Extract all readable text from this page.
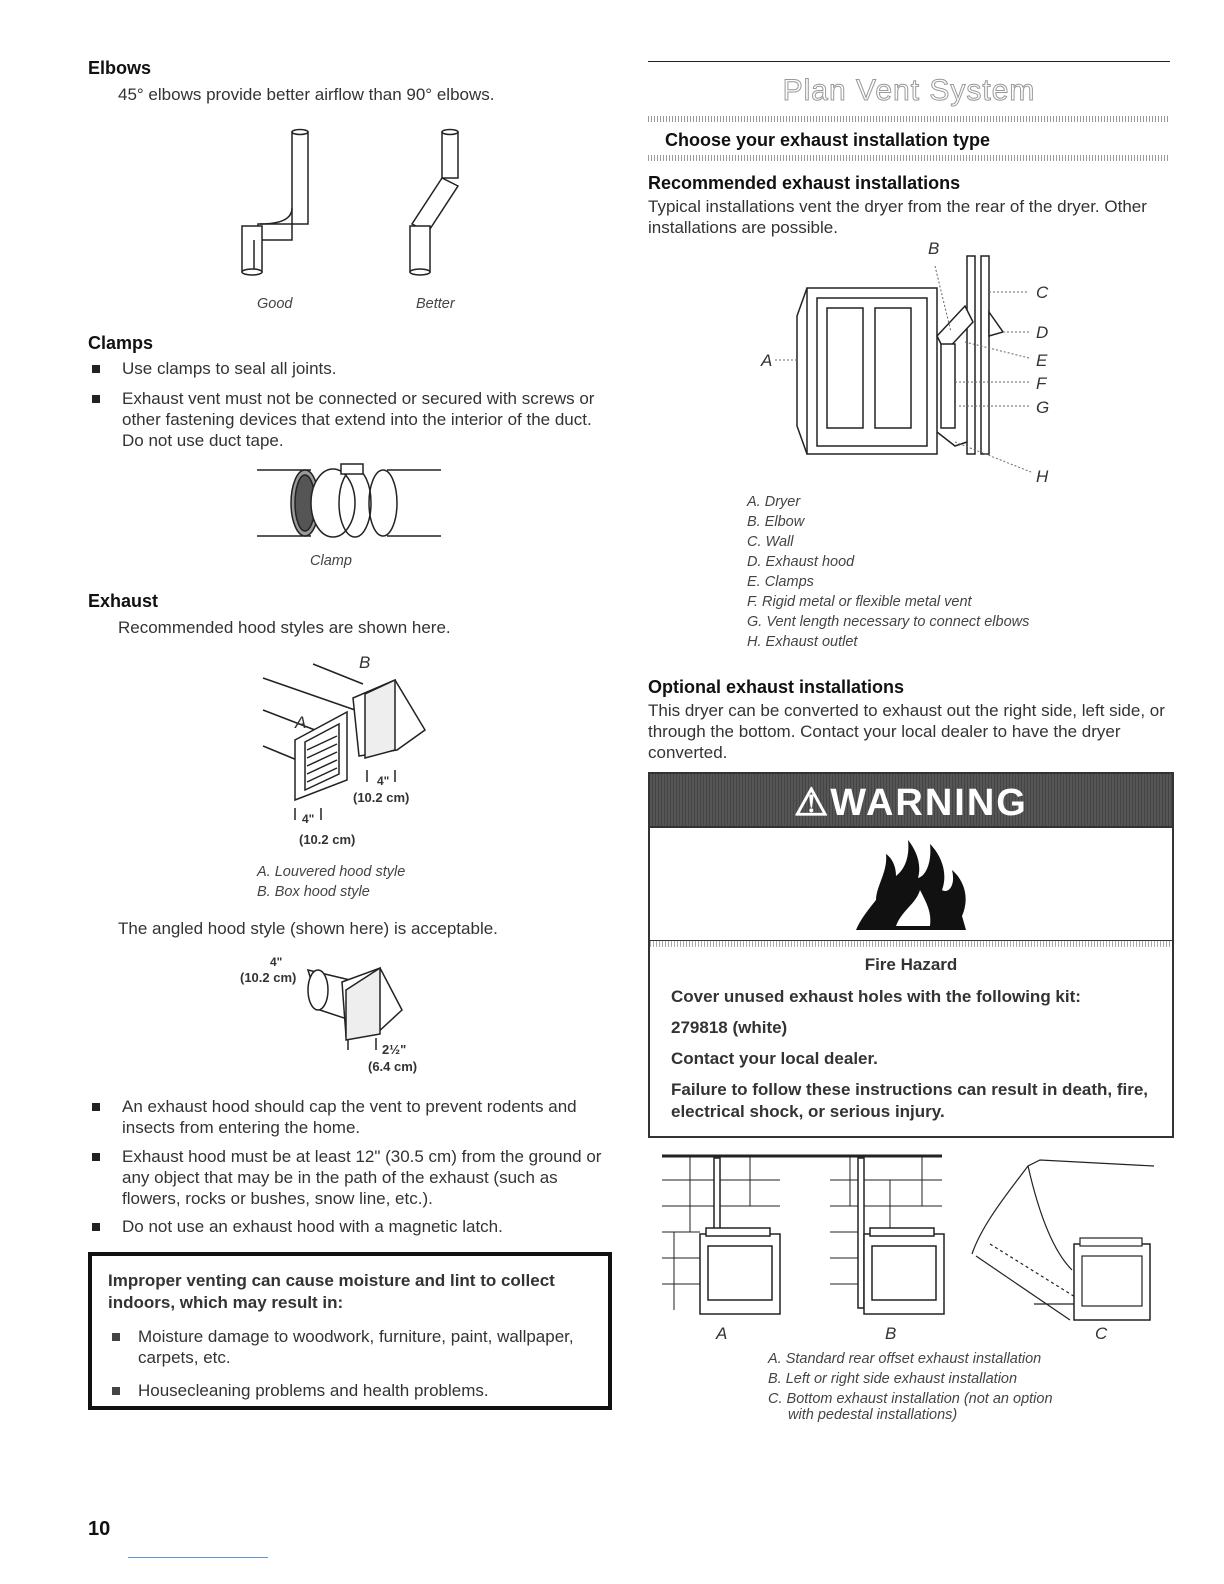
Elbows
45° elbows provide better airflow than 90° elbows.
Good	Better
Clamps
Use clamps to seal all joints.
Exhaust vent must not be connected or secured with screws or other fastening devices that extend into the interior of the duct. Do not use duct tape.
Clamp
Exhaust
Recommended hood styles are shown here.
B
A
4"
(10.2 cm)
4"
(10.2 cm)
A. Louvered hood style
B. Box hood style
The angled hood style (shown here) is acceptable.
4"
(10.2 cm)
2½"
(6.4 cm)
An exhaust hood should cap the vent to prevent rodents and insects from entering the home.
Exhaust hood must be at least 12" (30.5 cm) from the ground or any object that may be in the path of the exhaust (such as flowers, rocks or bushes, snow line, etc.).
Do not use an exhaust hood with a magnetic latch.
Improper venting can cause moisture and lint to collect indoors, which may result in:
Moisture damage to woodwork, furniture, paint, wallpaper, carpets, etc.
Housecleaning problems and health problems.
10
Plan Vent System
Choose your exhaust installation type
Recommended exhaust installations
Typical installations vent the dryer from the rear of the dryer. Other installations are possible.
B
C
D
E
F
G
A
H
A. Dryer
B. Elbow
C. Wall
D. Exhaust hood
E. Clamps
F. Rigid metal or flexible metal vent
G. Vent length necessary to connect elbows
H. Exhaust outlet
Optional exhaust installations
This dryer can be converted to exhaust out the right side, left side, or through the bottom. Contact your local dealer to have the dryer converted.
⚠WARNING
Fire Hazard
Cover unused exhaust holes with the following kit:
279818 (white)
Contact your local dealer.
Failure to follow these instructions can result in death, fire, electrical shock, or serious injury.
A	B	C
A. Standard rear offset exhaust installation
B. Left or right side exhaust installation
C. Bottom exhaust installation (not an option
with pedestal installations)
